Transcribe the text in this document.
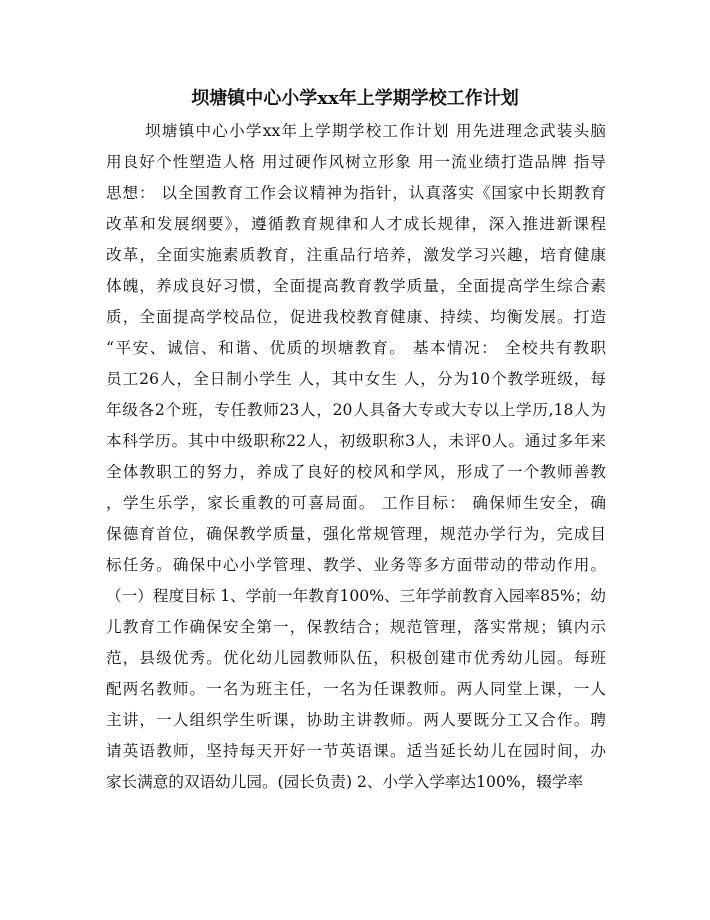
坝塘镇中心小学xx年上学期学校工作计划
坝塘镇中心小学xx年上学期学校工作计划 用先进理念武装头脑
用良好个性塑造人格 用过硬作风树立形象 用一流业绩打造品牌 指导
思想： 以全国教育工作会议精神为指针，认真落实《国家中长期教育
改革和发展纲要》，遵循教育规律和人才成长规律，深入推进新课程
改革，全面实施素质教育，注重品行培养，激发学习兴趣，培育健康
体魄，养成良好习惯，全面提高教育教学质量，全面提高学生综合素
质，全面提高学校品位，促进我校教育健康、持续、均衡发展。打造
“平安、诚信、和谐、优质的坝塘教育。 基本情况： 全校共有教职
员工26人，全日制小学生 人，其中女生 人，分为10个教学班级，每
年级各2个班，专任教师23人，20人具备大专或大专以上学历,18人为
本科学历。其中中级职称22人，初级职称3人，未评0人。通过多年来
全体教职工的努力，养成了良好的校风和学风，形成了一个教师善教
，学生乐学，家长重教的可喜局面。 工作目标： 确保师生安全，确
保德育首位，确保教学质量，强化常规管理，规范办学行为，完成目
标任务。确保中心小学管理、教学、业务等多方面带动的带动作用。
（一）程度目标 1、学前一年教育100%、三年学前教育入园率85%；幼
儿教育工作确保安全第一，保教结合；规范管理，落实常规；镇内示
范，县级优秀。优化幼儿园教师队伍，积极创建市优秀幼儿园。每班
配两名教师。一名为班主任，一名为任课教师。两人同堂上课，一人
主讲，一人组织学生听课，协助主讲教师。两人要既分工又合作。聘
请英语教师，坚持每天开好一节英语课。适当延长幼儿在园时间，办
家长满意的双语幼儿园。(园长负责) 2、小学入学率达100%，辍学率
